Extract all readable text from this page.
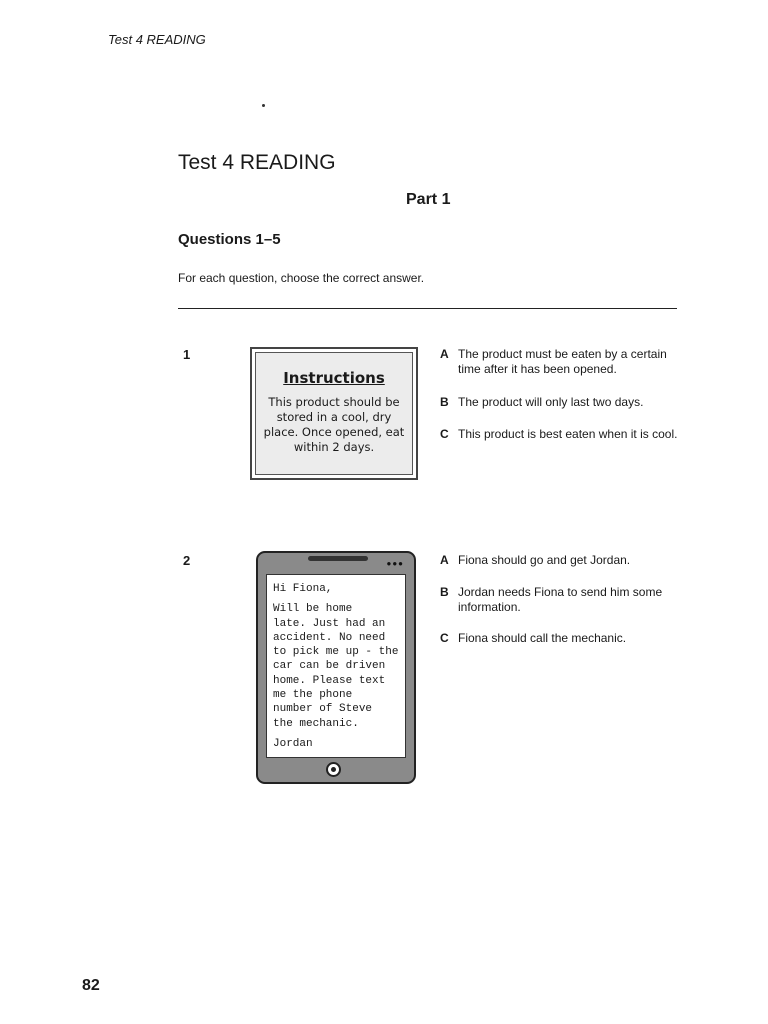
Test 4 READING
Test 4 READING
Part 1
Questions 1–5
For each question, choose the correct answer.
1
Instructions
This product should be stored in a cool, dry place. Once opened, eat within 2 days.
A The product must be eaten by a certain time after it has been opened.
B The product will only last two days.
C This product is best eaten when it is cool.
2	●●●

Hi Fiona,

Will be home
late. Just had an
accident. No need
to pick me up - the
car can be driven
home. Please text
me the phone
number of Steve
the mechanic.

Jordan

A Fiona should go and get Jordan.
B Jordan needs Fiona to send him some information.
C Fiona should call the mechanic.
82
